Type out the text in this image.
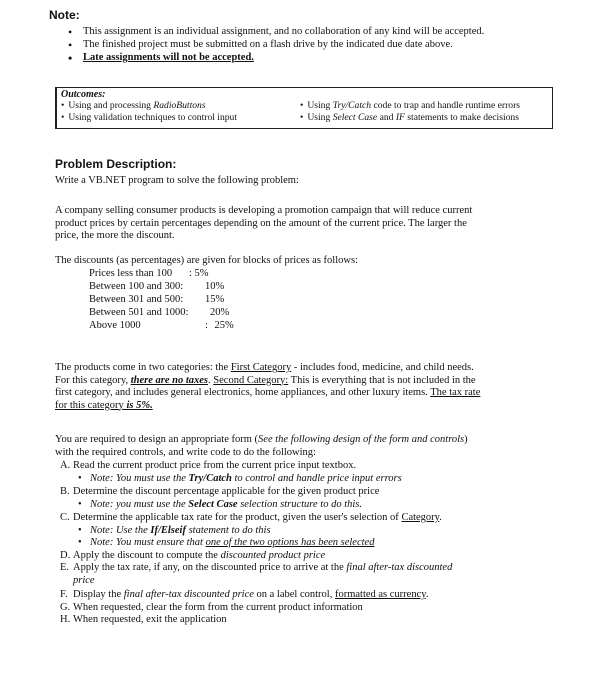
Note:
• This assignment is an individual assignment, and no collaboration of any kind will be accepted.
• The finished project must be submitted on a flash drive by the indicated due date above.
• Late assignments will not be accepted.
Outcomes:
• Using and processing RadioButtons
• Using validation techniques to control input
• Using Try/Catch code to trap and handle runtime errors
• Using Select Case and IF statements to make decisions
Problem Description:
Write a VB.NET program to solve the following problem:
A company selling consumer products is developing a promotion campaign that will reduce current
product prices by certain percentages depending on the amount of the current price. The larger the
price, the more the discount.
The discounts (as percentages) are given for blocks of prices as follows:
Prices less than 100 : 5%
Between 100 and 300: 10%
Between 301 and 500: 15%
Between 501 and 1000: 20%
Above 1000	: 25%
The products come in two categories: the First Category - includes food, medicine, and child needs.
For this category, there are no taxes. Second Category: This is everything that is not included in the
first category, and includes general electronics, home appliances, and other luxury items. The tax rate
for this category is 5%.
You are required to design an appropriate form (See the following design of the form and controls)
with the required controls, and write code to do the following:
A. Read the current product price from the current price input textbox.
• Note: You must use the Try/Catch to control and handle price input errors
B. Determine the discount percentage applicable for the given product price
• Note: you must use the Select Case selection structure to do this.
C. Determine the applicable tax rate for the product, given the user's selection of Category.
• Note: Use the If/Elseif statement to do this
• Note: You must ensure that one of the two options has been selected
D. Apply the discount to compute the discounted product price
E. Apply the tax rate, if any, on the discounted price to arrive at the final after-tax discounted
price
F. Display the final after-tax discounted price on a label control, formatted as currency.
G. When requested, clear the form from the current product information
H. When requested, exit the application
